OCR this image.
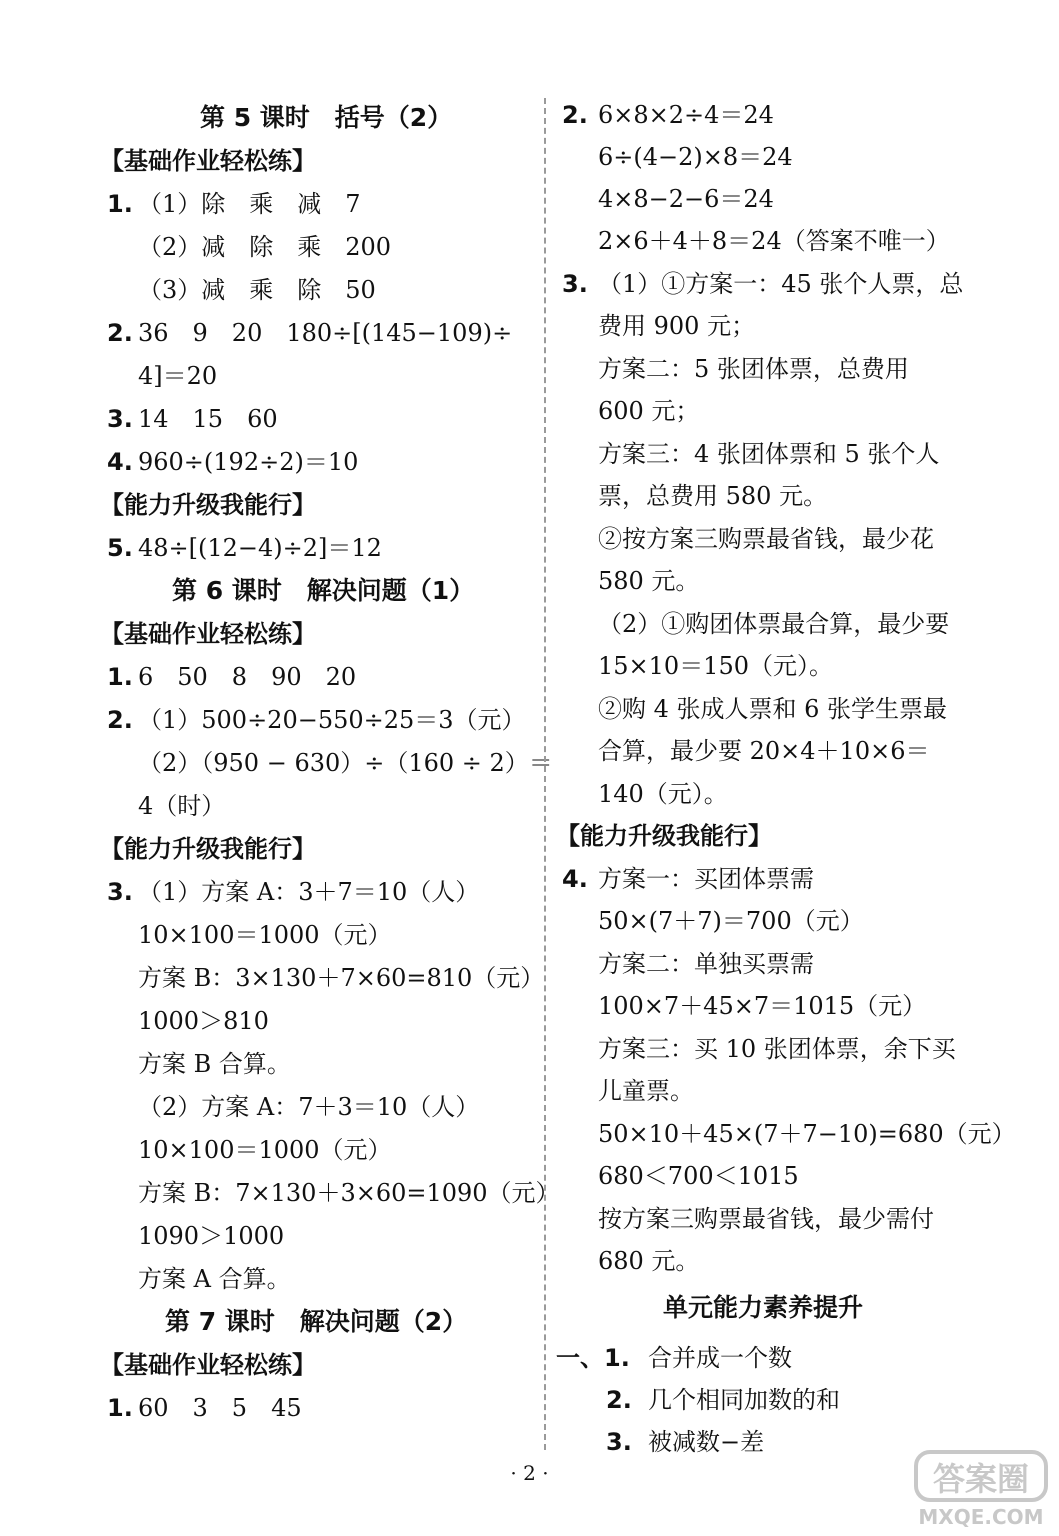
第 5 课时　括号（2）
【基础作业轻松练】
1. （1）除　乘　减　7
（2）减　除　乘　200
（3）减　乘　除　50
2. 36　9　20　180÷[(145−109)÷
4]＝20
3. 14　15　60
4. 960÷(192÷2)＝10
【能力升级我能行】
5. 48÷[(12−4)÷2]＝12
第 6 课时　解决问题（1）
【基础作业轻松练】
1. 6　50　8　90　20
2. （1）500÷20−550÷25＝3（元）
（2）（950 − 630）÷（160 ÷ 2）＝
4（时）
【能力升级我能行】
3. （1）方案 A：3＋7＝10（人）
10×100＝1000（元）
方案 B：3×130＋7×60=810（元）
1000＞810
方案 B 合算。
（2）方案 A：7＋3＝10（人）
10×100＝1000（元）
方案 B：7×130＋3×60=1090（元）
1090＞1000
方案 A 合算。
第 7 课时　解决问题（2）
【基础作业轻松练】
1. 60　3　5　45
2. 6×8×2÷4＝24
6÷(4−2)×8＝24
4×8−2−6＝24
2×6＋4＋8＝24（答案不唯一）
3. （1）①方案一：45 张个人票，总
费用 900 元；
方案二：5 张团体票，总费用
600 元；
方案三：4 张团体票和 5 张个人
票，总费用 580 元。
②按方案三购票最省钱，最少花
580 元。
（2）①购团体票最合算，最少要
15×10＝150（元）。
②购 4 张成人票和 6 张学生票最
合算，最少要 20×4＋10×6＝
140（元）。
【能力升级我能行】
4. 方案一：买团体票需
50×(7＋7)＝700（元）
方案二：单独买票需
100×7＋45×7＝1015（元）
方案三：买 10 张团体票，余下买
儿童票。
50×10＋45×(7＋7−10)=680（元）
680＜700＜1015
按方案三购票最省钱，最少需付
680 元。
单元能力素养提升
一、1. 合并成一个数
2. 几个相同加数的和
3. 被减数−差
· 2 ·	答案圈
MXQE.COM
